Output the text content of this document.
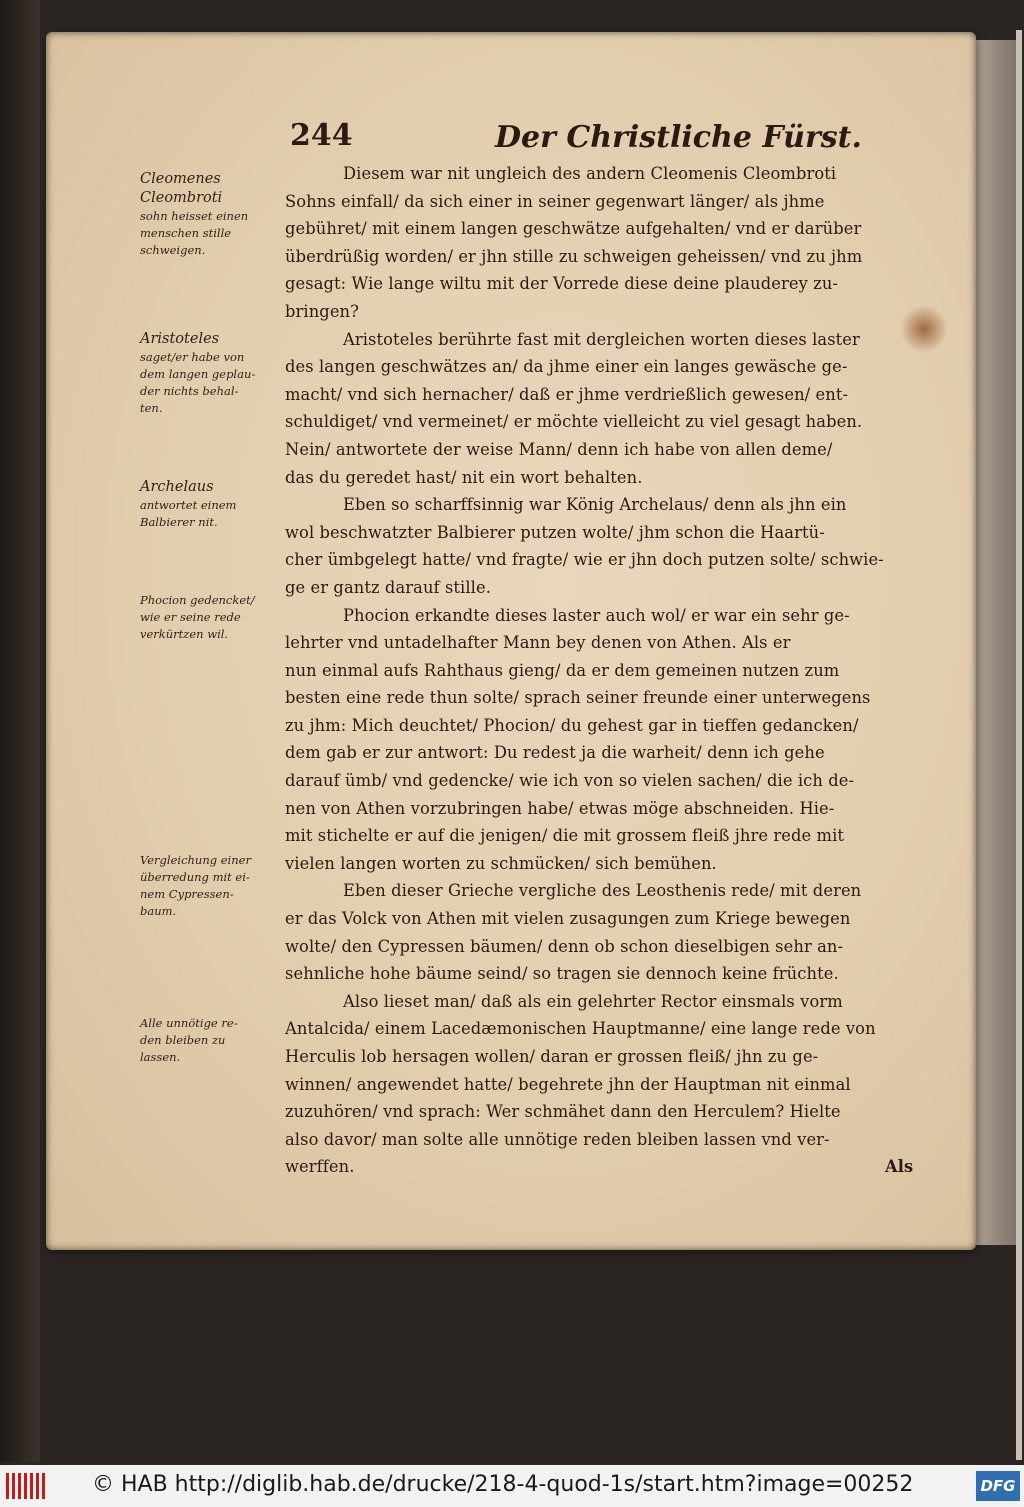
244	Der Christliche Fürst.
Cleomenes
Cleombroti
sohn heisset einen
menschen stille
schweigen.
Aristoteles
saget/er habe von
dem langen geplau-
der nichts behal-
ten.
Archelaus
antwortet einem
Balbierer nit.
Phocion gedencket/
wie er seine rede
verkürtzen wil.
Vergleichung einer
überredung mit ei-
nem Cypressen-
baum.
Alle unnötige re-
den bleiben zu
lassen.
Diesem war nit ungleich des andern Cleomenis Cleombroti
Sohns einfall/ da sich einer in seiner gegenwart länger/ als jhme
gebühret/ mit einem langen geschwätze aufgehalten/ vnd er darüber
überdrüßig worden/ er jhn stille zu schweigen geheissen/ vnd zu jhm
gesagt: Wie lange wiltu mit der Vorrede diese deine plauderey zu-
bringen?
Aristoteles berührte fast mit dergleichen worten dieses laster
des langen geschwätzes an/ da jhme einer ein langes gewäsche ge-
macht/ vnd sich hernacher/ daß er jhme verdrießlich gewesen/ ent-
schuldiget/ vnd vermeinet/ er möchte vielleicht zu viel gesagt haben.
Nein/ antwortete der weise Mann/ denn ich habe von allen deme/
das du geredet hast/ nit ein wort behalten.
Eben so scharffsinnig war König Archelaus/ denn als jhn ein
wol beschwatzter Balbierer putzen wolte/ jhm schon die Haartü-
cher ümbgelegt hatte/ vnd fragte/ wie er jhn doch putzen solte/ schwie-
ge er gantz darauf stille.
Phocion erkandte dieses laster auch wol/ er war ein sehr ge-
lehrter vnd untadelhafter Mann bey denen von Athen. Als er
nun einmal aufs Rahthaus gieng/ da er dem gemeinen nutzen zum
besten eine rede thun solte/ sprach seiner freunde einer unterwegens
zu jhm: Mich deuchtet/ Phocion/ du gehest gar in tieffen gedancken/
dem gab er zur antwort: Du redest ja die warheit/ denn ich gehe
darauf ümb/ vnd gedencke/ wie ich von so vielen sachen/ die ich de-
nen von Athen vorzubringen habe/ etwas möge abschneiden. Hie-
mit stichelte er auf die jenigen/ die mit grossem fleiß jhre rede mit
vielen langen worten zu schmücken/ sich bemühen.
Eben dieser Grieche vergliche des Leosthenis rede/ mit deren
er das Volck von Athen mit vielen zusagungen zum Kriege bewegen
wolte/ den Cypressen bäumen/ denn ob schon dieselbigen sehr an-
sehnliche hohe bäume seind/ so tragen sie dennoch keine früchte.
Also lieset man/ daß als ein gelehrter Rector einsmals vorm
Antalcida/ einem Lacedæmonischen Hauptmanne/ eine lange rede von
Herculis lob hersagen wollen/ daran er grossen fleiß/ jhn zu ge-
winnen/ angewendet hatte/ begehrete jhn der Hauptman nit einmal
zuzuhören/ vnd sprach: Wer schmähet dann den Herculem? Hielte
also davor/ man solte alle unnötige reden bleiben lassen vnd ver-
werffen.	Als
© HAB http://diglib.hab.de/drucke/218-4-quod-1s/start.htm?image=00252	DFG
